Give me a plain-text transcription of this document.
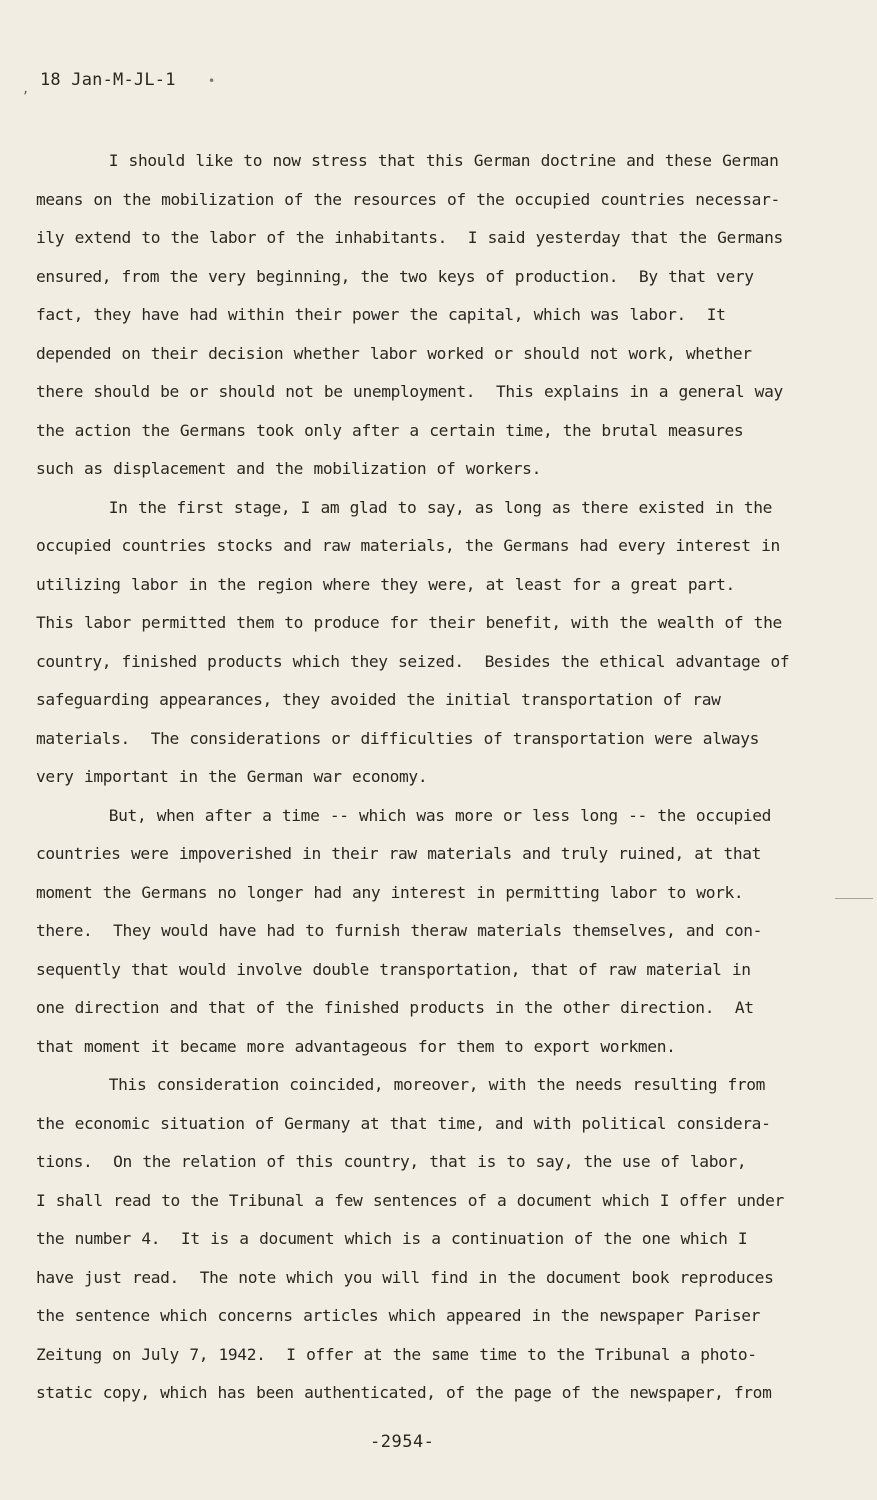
‚ 18 Jan-M-JL-1	•
I should like to now stress that this German doctrine and these German
means on the mobilization of the resources of the occupied countries necessar-
ily extend to the labor of the inhabitants.  I said yesterday that the Germans
ensured, from the very beginning, the two keys of production.  By that very
fact, they have had within their power the capital, which was labor.  It
depended on their decision whether labor worked or should not work, whether
there should be or should not be unemployment.  This explains in a general way
the action the Germans took only after a certain time, the brutal measures
such as displacement and the mobilization of workers.
In the first stage, I am glad to say, as long as there existed in the
occupied countries stocks and raw materials, the Germans had every interest in
utilizing labor in the region where they were, at least for a great part.
This labor permitted them to produce for their benefit, with the wealth of the
country, finished products which they seized.  Besides the ethical advantage of
safeguarding appearances, they avoided the initial transportation of raw
materials.  The considerations or difficulties of transportation were always
very important in the German war economy.
But, when after a time -- which was more or less long -- the occupied
countries were impoverished in their raw materials and truly ruined, at that
moment the Germans no longer had any interest in permitting labor to work.
there.  They would have had to furnish theraw materials themselves, and con-
sequently that would involve double transportation, that of raw material in
one direction and that of the finished products in the other direction.  At
that moment it became more advantageous for them to export workmen.
This consideration coincided, moreover, with the needs resulting from
the economic situation of Germany at that time, and with political considera-
tions.  On the relation of this country, that is to say, the use of labor,
I shall read to the Tribunal a few sentences of a document which I offer under
the number 4.  It is a document which is a continuation of the one which I
have just read.  The note which you will find in the document book reproduces
the sentence which concerns articles which appeared in the newspaper Pariser
Zeitung on July 7, 1942.  I offer at the same time to the Tribunal a photo-
static copy, which has been authenticated, of the page of the newspaper, from
-2954-
